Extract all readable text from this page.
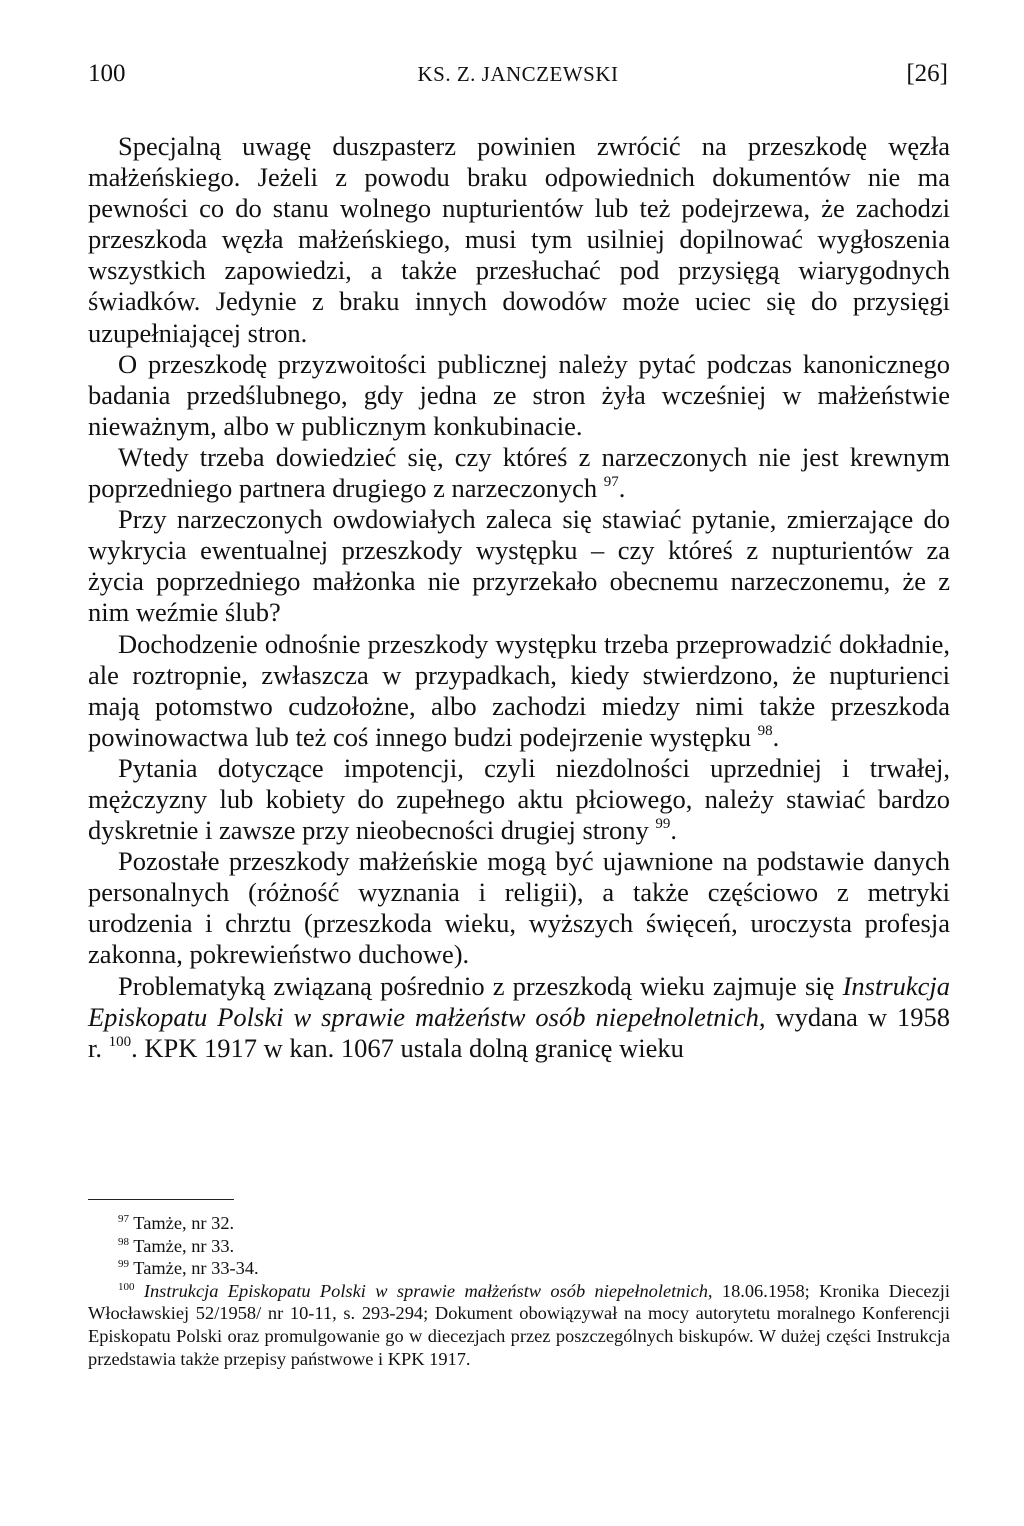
100	KS. Z. JANCZEWSKI	[26]

Specjalną uwagę duszpasterz powinien zwrócić na przeszkodę węzła małżeńskiego. Jeżeli z powodu braku odpowiednich dokumentów nie ma pewności co do stanu wolnego nupturientów lub też podejrzewa, że zachodzi przeszkoda węzła małżeńskiego, musi tym usilniej dopilnować wygłoszenia wszystkich zapowiedzi, a także przesłuchać pod przysięgą wiarygodnych świadków. Jedynie z braku innych dowodów może uciec się do przysięgi uzupełniającej stron.

O przeszkodę przyzwoitości publicznej należy pytać podczas kanonicznego badania przedślubnego, gdy jedna ze stron żyła wcześniej w małżeństwie nieważnym, albo w publicznym konkubinacie.

Wtedy trzeba dowiedzieć się, czy któreś z narzeczonych nie jest krewnym poprzedniego partnera drugiego z narzeczonych $^{97}$.

Przy narzeczonych owdowiałych zaleca się stawiać pytanie, zmierzające do wykrycia ewentualnej przeszkody występku – czy któreś z nupturientów za życia poprzedniego małżonka nie przyrzekało obecnemu narzeczonemu, że z nim weźmie ślub?

Dochodzenie odnośnie przeszkody występku trzeba przeprowadzić dokładnie, ale roztropnie, zwłaszcza w przypadkach, kiedy stwierdzono, że nupturienci mają potomstwo cudzołożne, albo zachodzi miedzy nimi także przeszkoda powinowactwa lub też coś innego budzi podejrzenie występku $^{98}$.

Pytania dotyczące impotencji, czyli niezdolności uprzedniej i trwałej, mężczyzny lub kobiety do zupełnego aktu płciowego, należy stawiać bardzo dyskretnie i zawsze przy nieobecności drugiej strony $^{99}$.

Pozostałe przeszkody małżeńskie mogą być ujawnione na podstawie danych personalnych (różność wyznania i religii), a także częściowo z metryki urodzenia i chrztu (przeszkoda wieku, wyższych święceń, uroczysta profesja zakonna, pokrewieństwo duchowe).

Problematyką związaną pośrednio z przeszkodą wieku zajmuje się Instrukcja Episkopatu Polski w sprawie małżeństw osób niepełnoletnich, wydana w 1958 r. $^{100}$. KPK 1917 w kan. 1067 ustala dolną granicę wieku

$^{97}$ Tamże, nr 32.

$^{98}$ Tamże, nr 33.

$^{99}$ Tamże, nr 33-34.

$^{100}$ Instrukcja Episkopatu Polski w sprawie małżeństw osób niepełnoletnich, 18.06.1958; Kronika Diecezji Włocławskiej 52/1958/ nr 10-11, s. 293-294; Dokument obowiązywał na mocy autorytetu moralnego Konferencji Episkopatu Polski oraz promulgowanie go w diecezjach przez poszczególnych biskupów. W dużej części Instrukcja przedstawia także przepisy państwowe i KPK 1917.
